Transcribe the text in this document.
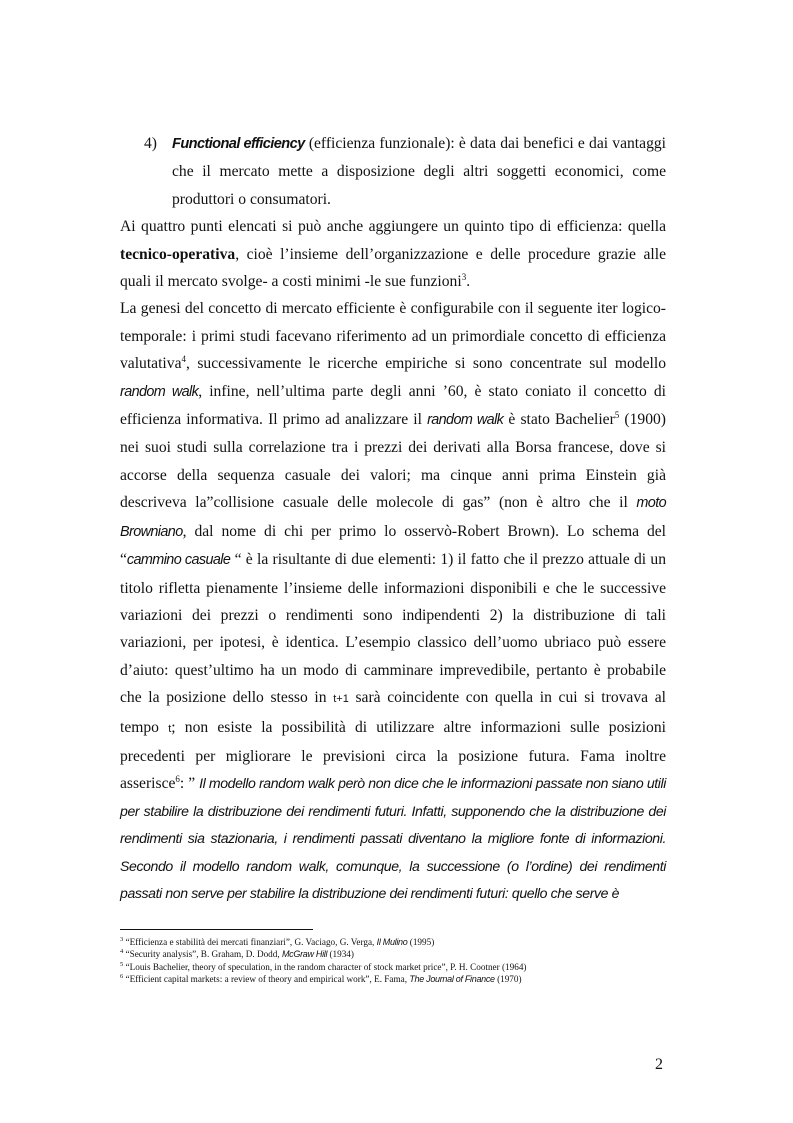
4)	Functional efficiency (efficienza funzionale): è data dai benefici e dai vantaggi che il mercato mette a disposizione degli altri soggetti economici, come produttori o consumatori.

Ai quattro punti elencati si può anche aggiungere un quinto tipo di efficienza: quella tecnico-operativa, cioè l’insieme dell’organizzazione e delle procedure grazie alle quali il mercato svolge- a costi minimi -le sue funzioni$^3$.

La genesi del concetto di mercato efficiente è configurabile con il seguente iter logico-temporale: i primi studi facevano riferimento ad un primordiale concetto di efficienza valutativa$^4$, successivamente le ricerche empiriche si sono concentrate sul modello random walk, infine, nell’ultima parte degli anni ’60, è stato coniato il concetto di efficienza informativa. Il primo ad analizzare il random walk è stato Bachelier$^5$ (1900) nei suoi studi sulla correlazione tra i prezzi dei derivati alla Borsa francese, dove si accorse della sequenza casuale dei valori; ma cinque anni prima Einstein già descriveva la”collisione casuale delle molecole di gas” (non è altro che il moto Browniano, dal nome di chi per primo lo osservò-Robert Brown). Lo schema del “cammino casuale “ è la risultante di due elementi: 1) il fatto che il prezzo attuale di un titolo rifletta pienamente l’insieme delle informazioni disponibili e che le successive variazioni dei prezzi o rendimenti sono indipendenti 2) la distribuzione di tali variazioni, per ipotesi, è identica. L’esempio classico dell’uomo ubriaco può essere d’aiuto: quest’ultimo ha un modo di camminare imprevedibile, pertanto è probabile che la posizione dello stesso in t+1 sarà coincidente con quella in cui si trovava al tempo t; non esiste la possibilità di utilizzare altre informazioni sulle posizioni precedenti per migliorare le previsioni circa la posizione futura. Fama inoltre asserisce$^6$: ” Il modello random walk però non dice che le informazioni passate non siano utili per stabilire la distribuzione dei rendimenti futuri. Infatti, supponendo che la distribuzione dei rendimenti sia stazionaria, i rendimenti passati diventano la migliore fonte di informazioni. Secondo il modello random walk, comunque, la successione (o l’ordine) dei rendimenti passati non serve per stabilire la distribuzione dei rendimenti futuri: quello che serve è

$^3$ “Efficienza e stabilità dei mercati finanziari”, G. Vaciago, G. Verga, Il Mulino (1995)
$^4$ “Security analysis”, B. Graham, D. Dodd, McGraw Hill (1934)
$^5$ “Louis Bachelier, theory of speculation, in the random character of stock market price”, P. H. Cootner (1964)
$^6$ “Efficient capital markets: a review of theory and empirical work”, E. Fama, The Journal of Finance (1970)
2
